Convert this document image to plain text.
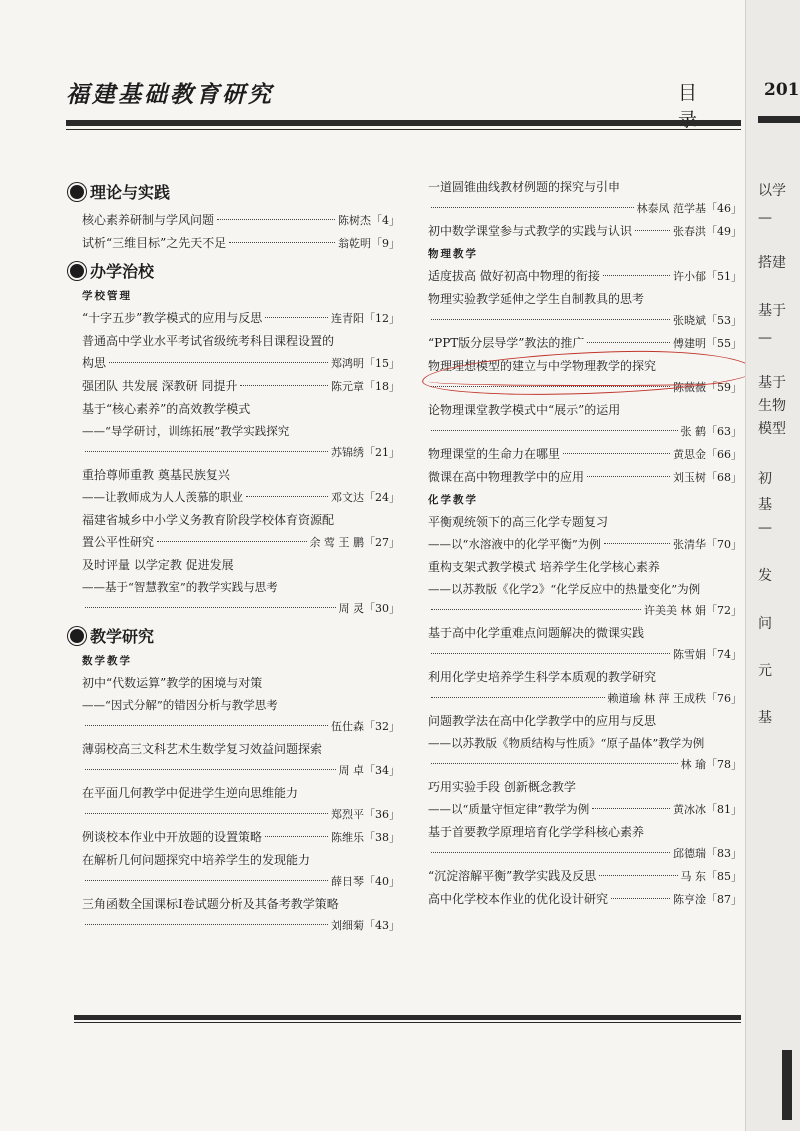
福建基础教育研究	目
理论与实践
核心素养研制与学风问题	陈树杰「4」
试析“三维目标”之先天不足	翁乾明「9」
办学治校
学校管理
“十字五步”教学模式的应用与反思	连青阳「12」
普通高中学业水平考试省级统考科目课程设置的
构思	郑鸿明「15」
强团队 共发展 深教研 同提升	陈元章「18」
基于“核心素养”的高效教学模式
——“导学研讨，训练拓展”教学实践探究
苏锦绣「21」
重拾尊师重教 奠基民族复兴
——让教师成为人人羡慕的职业	邓文达「24」
福建省城乡中小学义务教育阶段学校体育资源配
置公平性研究	余 莺 王 鹏「27」
及时评量 以学定教 促进发展
——基于“智慧教室”的教学实践与思考
周 灵「30」
教学研究
数学教学
初中“代数运算”教学的困境与对策
——“因式分解”的错因分析与教学思考
伍仕森「32」
薄弱校高三文科艺术生数学复习效益问题探索
周 卓「34」
在平面几何教学中促进学生逆向思维能力
郑烈平「36」
例谈校本作业中开放题的设置策略	陈维乐「38」
在解析几何问题探究中培养学生的发现能力
薛日琴「40」
三角函数全国课标Ⅰ卷试题分析及其备考教学策略
刘细菊「43」
一道圆锥曲线教材例题的探究与引申
林泰凤 范学基「46」
初中数学课堂参与式教学的实践与认识	张春洪「49」
物理教学
适度拔高 做好初高中物理的衔接	许小郁「51」
物理实验教学延伸之学生自制教具的思考
张晓斌「53」
“PPT版分层导学”教法的推广	傅建明「55」
物理理想模型的建立与中学物理教学的探究
陈薇薇「59」
论物理课堂教学模式中“展示”的运用
张 鹤「63」
物理课堂的生命力在哪里	黄思金「66」
微课在高中物理教学中的应用	刘玉树「68」
化学教学
平衡观统领下的高三化学专题复习
——以“水溶液中的化学平衡”为例	张清华「70」
重构支架式教学模式 培养学生化学核心素养
——以苏教版《化学2》“化学反应中的热量变化”为例
许美美 林 娟「72」
基于高中化学重难点问题解决的微课实践
陈雪娟「74」
利用化学史培养学生科学本质观的教学研究
赖道瑜 林 萍 王成秩「76」
问题教学法在高中化学教学中的应用与反思
——以苏教版《物质结构与性质》“原子晶体”教学为例
林 瑜「78」
巧用实验手段 创新概念教学
——以“质量守恒定律”教学为例	黄冰冰「81」
基于首要教学原理培育化学学科核心素养
邱德瑞「83」
“沉淀溶解平衡”教学实践及反思	马 东「85」
高中化学校本作业的优化设计研究	陈亨淦「87」
201
以学
—
搭建
基于
—
基于
生物
模型
初
基
—
发
问
元
基
